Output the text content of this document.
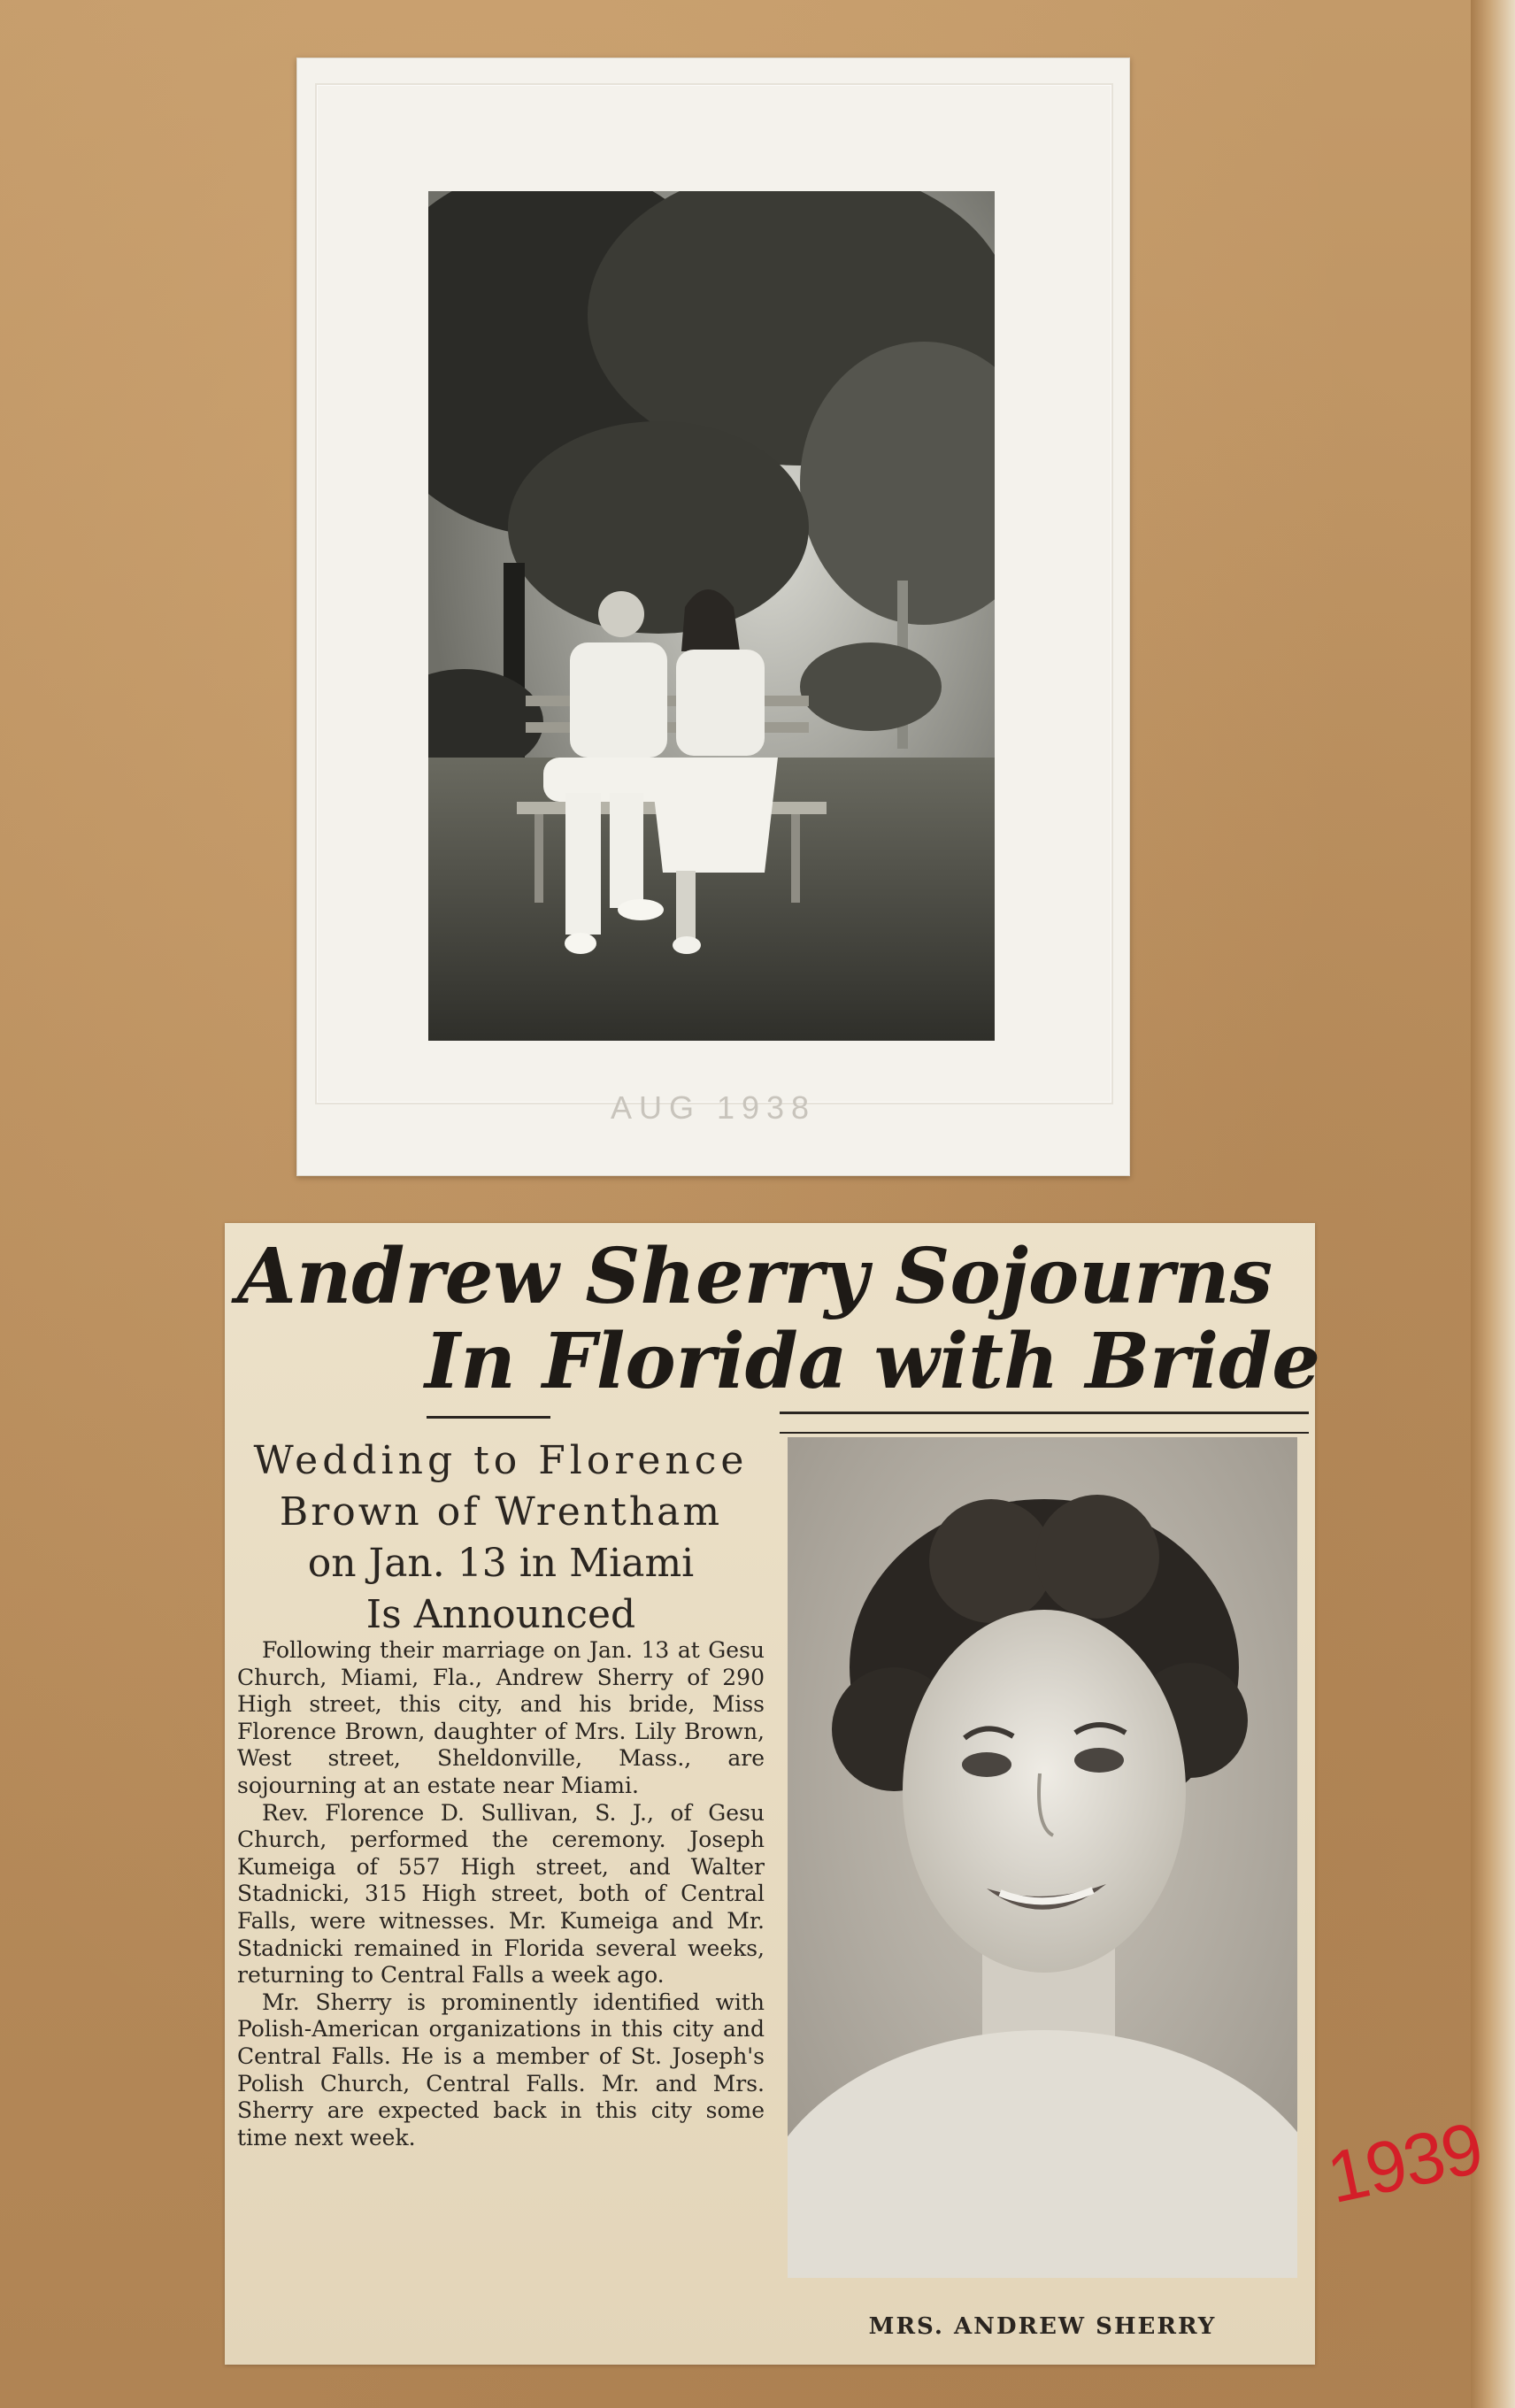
AUG 1938
Andrew Sherry Sojourns
In Florida with Bride
Wedding to Florence
Brown of Wrentham
on Jan. 13 in Miami
Is Announced

Following their marriage on Jan. 13 at Gesu Church, Miami, Fla., Andrew Sherry of 290 High street, this city, and his bride, Miss Florence Brown, daughter of Mrs. Lily Brown, West street, Sheldonville, Mass., are sojourning at an estate near Miami.

Rev. Florence D. Sullivan, S. J., of Gesu Church, performed the ceremony. Joseph Kumeiga of 557 High street, and Walter Stadnicki, 315 High street, both of Central Falls, were witnesses. Mr. Kumeiga and Mr. Stadnicki remained in Florida several weeks, returning to Central Falls a week ago.

Mr. Sherry is prominently identified with Polish-American organizations in this city and Central Falls. He is a member of St. Joseph's Polish Church, Central Falls. Mr. and Mrs. Sherry are expected back in this city some time next week.

MRS. ANDREW SHERRY
1939
